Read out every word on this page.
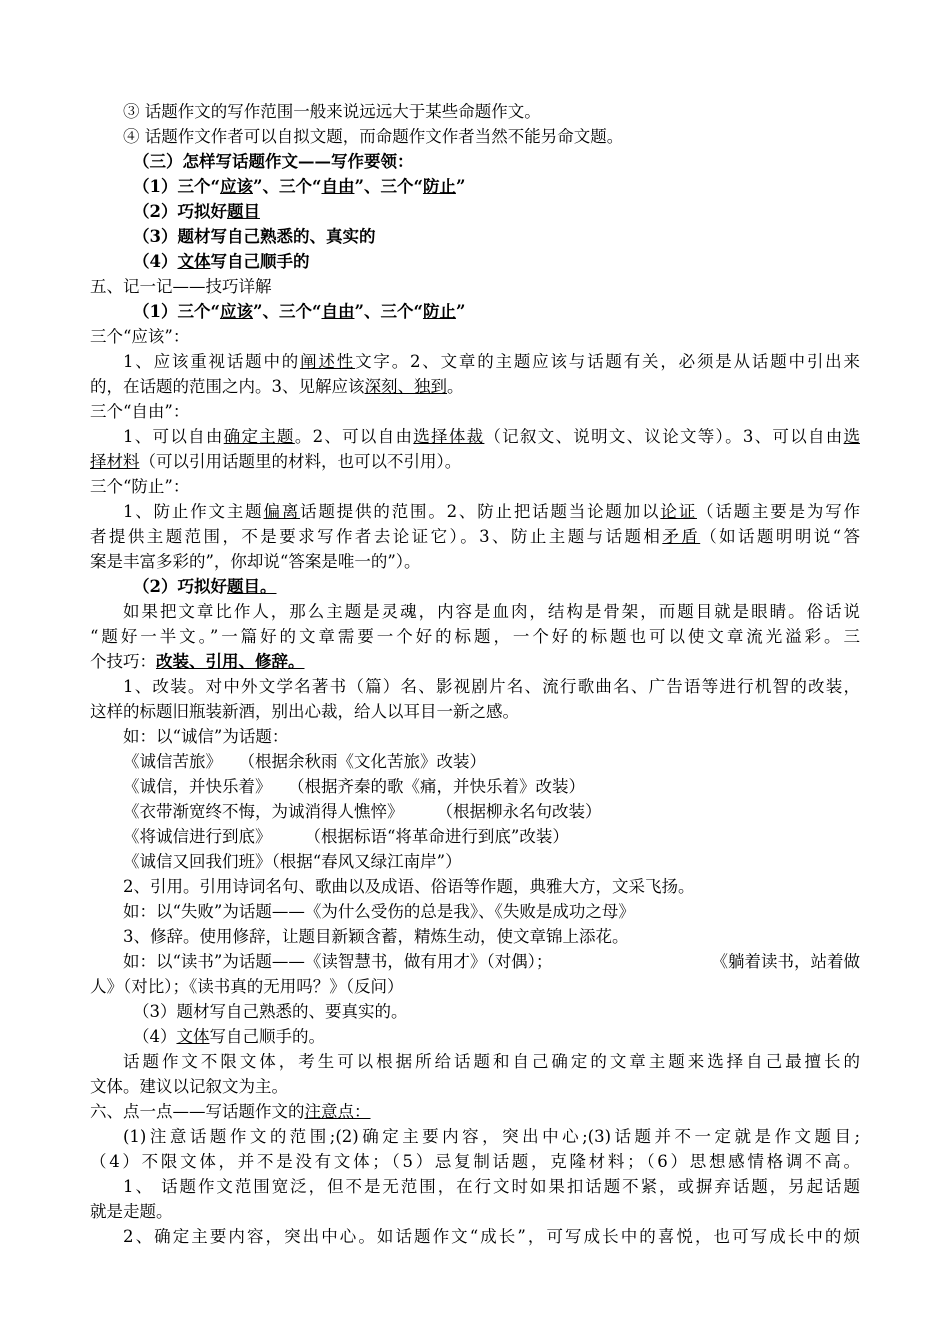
③ 话题作文的写作范围一般来说远远大于某些命题作文。
④ 话题作文作者可以自拟文题，而命题作文作者当然不能另命文题。
（三）怎样写话题作文——写作要领：
（1）三个“应该”、三个“自由”、三个“防止”
（2）巧拟好题目
（3）题材写自己熟悉的、真实的
（4）文体写自己顺手的
五、记一记——技巧详解
（1）三个“应该”、三个“自由”、三个“防止”
三个“应该”：
1、应该重视话题中的阐述性文字。2、文章的主题应该与话题有关，必须是从话题中引出来
的，在话题的范围之内。3、见解应该深刻、独到。
三个“自由”：
1、可以自由确定主题。2、可以自由选择体裁（记叙文、说明文、议论文等）。3、可以自由选
择材料（可以引用话题里的材料，也可以不引用）。
三个“防止”：
1、防止作文主题偏离话题提供的范围。2、防止把话题当论题加以论证（话题主要是为写作
者提供主题范围，不是要求写作者去论证它）。3、防止主题与话题相矛盾（如话题明明说“答
案是丰富多彩的”，你却说“答案是唯一的”）。
（2）巧拟好题目。
如果把文章比作人，那么主题是灵魂，内容是血肉，结构是骨架，而题目就是眼睛。俗话说
“题好一半文。”一篇好的文章需要一个好的标题，一个好的标题也可以使文章流光溢彩。三
个技巧：改装、引用、修辞。
1、改装。对中外文学名著书（篇）名、影视剧片名、流行歌曲名、广告语等进行机智的改装，
这样的标题旧瓶装新酒，别出心裁，给人以耳目一新之感。
如：以“诚信”为话题：
《诚信苦旅》　　（根据余秋雨《文化苦旅》改装）
《诚信，并快乐着》　　（根据齐秦的歌《痛，并快乐着》改装）
《衣带渐宽终不悔，为诚消得人憔悴》　　　（根据柳永名句改装）
《将诚信进行到底》　　　（根据标语“将革命进行到底”改装）
《诚信又回我们班》（根据“春风又绿江南岸”）
2、引用。引用诗词名句、歌曲以及成语、俗语等作题，典雅大方，文采飞扬。
如：以“失败”为话题——《为什么受伤的总是我》、《失败是成功之母》
3、修辞。使用修辞，让题目新颖含蓄，精炼生动，使文章锦上添花。
如：以“读书”为话题——《读智慧书，做有用才》（对偶）；	《躺着读书，站着做
人》（对比）；《读书真的无用吗？》（反问）
（3）题材写自己熟悉的、要真实的。
（4）文体写自己顺手的。
话题作文不限文体，考生可以根据所给话题和自己确定的文章主题来选择自己最擅长的
文体。建议以记叙文为主。
六、点一点——写话题作文的注意点：
(1)注意话题作文的范围;(2)确定主要内容，突出中心;(3)话题并不一定就是作文题目;
（4）不限文体，并不是没有文体；（5）忌复制话题，克隆材料；（6）思想感情格调不高。
1、 话题作文范围宽泛，但不是无范围，在行文时如果扣话题不紧，或摒弃话题，另起话题
就是走题。
2、确定主要内容，突出中心。如话题作文“成长”，可写成长中的喜悦，也可写成长中的烦
